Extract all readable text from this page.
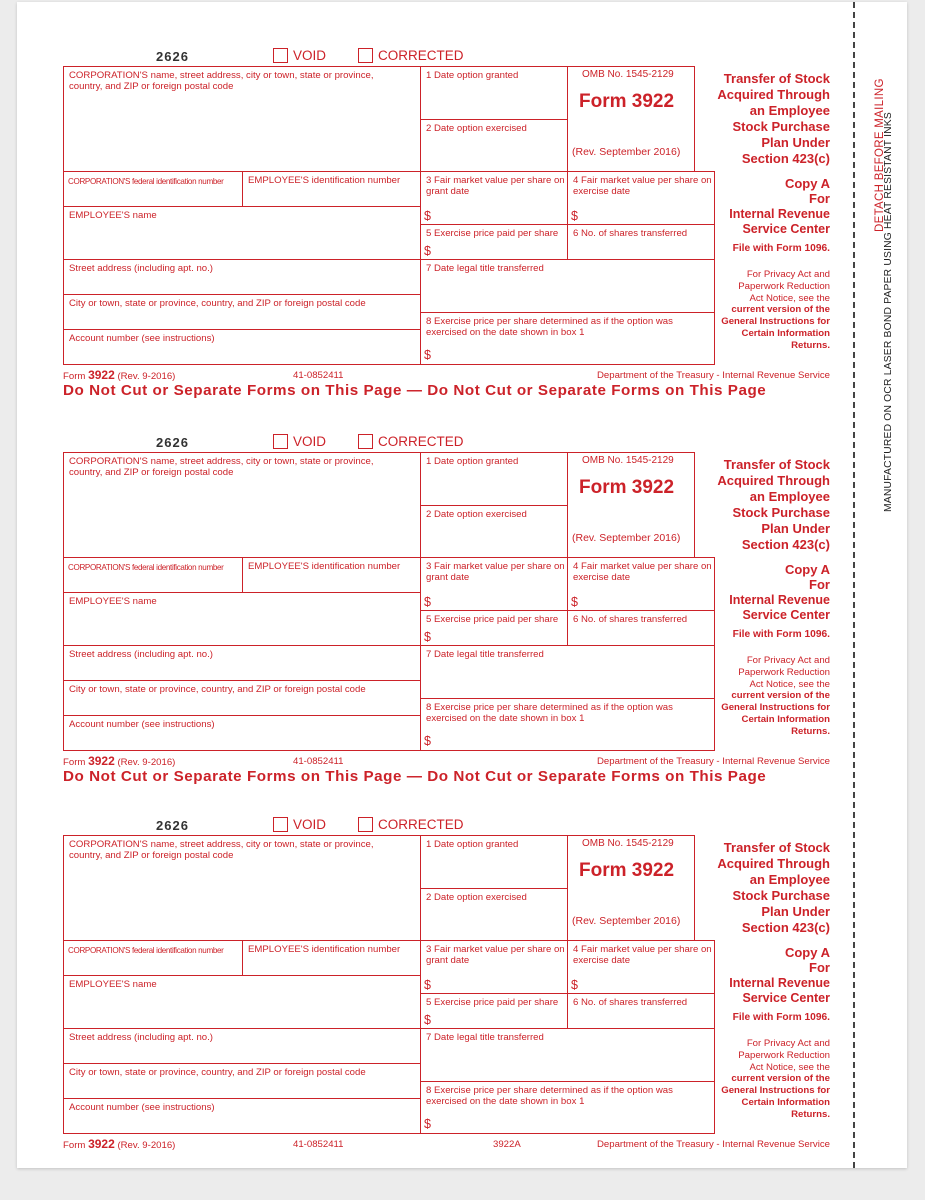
DETACH BEFORE MAILING
MANUFACTURED ON OCR LASER BOND PAPER USING HEAT RESISTANT INKS
2626	VOID	CORRECTED
CORPORATION'S name, street address, city or town, state or province, country, and ZIP or foreign postal code
CORPORATION'S federal identification number	EMPLOYEE'S identification number
EMPLOYEE'S name
Street address (including apt. no.)
City or town, state or province, country, and ZIP or foreign postal code
Account number (see instructions)
1 Date option granted
2 Date option exercised
OMB No. 1545-2129
Form 3922
(Rev. September 2016)
3 Fair market value per share on grant date
$
4 Fair market value per share on exercise date
$
5 Exercise price paid per share
$
6 No. of shares transferred
7 Date legal title transferred
8 Exercise price per share determined as if the option was exercised on the date shown in box 1
$
Transfer of Stock
Acquired Through
an Employee
Stock Purchase
Plan Under
Section 423(c)
Copy A
For
Internal Revenue
Service Center
File with Form 1096.
For Privacy Act and
Paperwork Reduction
Act Notice, see the
current version of the
General Instructions for
Certain Information
Returns.
Form 3922 (Rev. 9-2016)	41-0852411	Department of the Treasury - Internal Revenue Service
Do Not Cut or Separate Forms on This Page — Do Not Cut or Separate Forms on This Page
2626	VOID	CORRECTED
CORPORATION'S name, street address, city or town, state or province, country, and ZIP or foreign postal code
CORPORATION'S federal identification number	EMPLOYEE'S identification number
EMPLOYEE'S name
Street address (including apt. no.)
City or town, state or province, country, and ZIP or foreign postal code
Account number (see instructions)
1 Date option granted
2 Date option exercised
OMB No. 1545-2129
Form 3922
(Rev. September 2016)
3 Fair market value per share on grant date
$
4 Fair market value per share on exercise date
$
5 Exercise price paid per share
$
6 No. of shares transferred
7 Date legal title transferred
8 Exercise price per share determined as if the option was exercised on the date shown in box 1
$
Transfer of Stock
Acquired Through
an Employee
Stock Purchase
Plan Under
Section 423(c)
Copy A
For
Internal Revenue
Service Center
File with Form 1096.
For Privacy Act and
Paperwork Reduction
Act Notice, see the
current version of the
General Instructions for
Certain Information
Returns.
Form 3922 (Rev. 9-2016)	41-0852411	Department of the Treasury - Internal Revenue Service
Do Not Cut or Separate Forms on This Page — Do Not Cut or Separate Forms on This Page
2626	VOID	CORRECTED
CORPORATION'S name, street address, city or town, state or province, country, and ZIP or foreign postal code
CORPORATION'S federal identification number	EMPLOYEE'S identification number
EMPLOYEE'S name
Street address (including apt. no.)
City or town, state or province, country, and ZIP or foreign postal code
Account number (see instructions)
1 Date option granted
2 Date option exercised
OMB No. 1545-2129
Form 3922
(Rev. September 2016)
3 Fair market value per share on grant date
$
4 Fair market value per share on exercise date
$
5 Exercise price paid per share
$
6 No. of shares transferred
7 Date legal title transferred
8 Exercise price per share determined as if the option was exercised on the date shown in box 1
$
Transfer of Stock
Acquired Through
an Employee
Stock Purchase
Plan Under
Section 423(c)
Copy A
For
Internal Revenue
Service Center
File with Form 1096.
For Privacy Act and
Paperwork Reduction
Act Notice, see the
current version of the
General Instructions for
Certain Information
Returns.
Form 3922 (Rev. 9-2016)	41-0852411	3922A	Department of the Treasury - Internal Revenue Service
